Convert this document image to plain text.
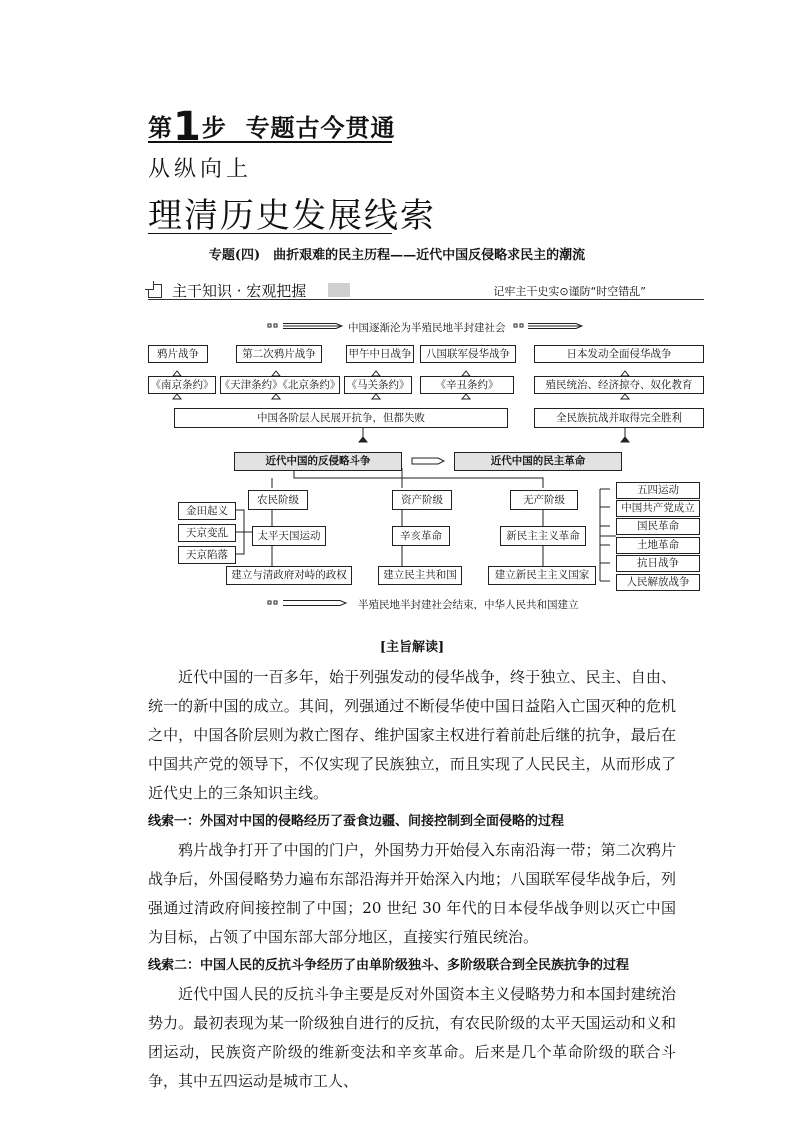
第1步 专题古今贯通
从纵向上
理清历史发展线索
专题(四)　曲折艰难的民主历程——近代中国反侵略求民主的潮流
主干知识 · 宏观把握	记牢主干史实⊙谨防“时空错乱”
中国逐渐沦为半殖民地半封建社会
鸦片战争	第二次鸦片战争	甲午中日战争	八国联军侵华战争	日本发动全面侵华战争
《南京条约》 《天津条约》《北京条约》 《马关条约》	《辛丑条约》	殖民统治、经济掠夺、奴化教育
中国各阶层人民展开抗争，但都失败	全民族抗战并取得完全胜利
近代中国的反侵略斗争	近代中国的民主革命
农民阶级	资产阶级	无产阶级
金田起义
天京变乱
天京陷落
太平天国运动	辛亥革命	新民主主义革命
建立与清政府对峙的政权	建立民主共和国	建立新民主主义国家
五四运动
中国共产党成立
国民革命
土地革命
抗日战争
人民解放战争
半殖民地半封建社会结束，中华人民共和国建立
[主旨解读]

近代中国的一百多年，始于列强发动的侵华战争，终于独立、民主、自由、统一的新中国的成立。其间，列强通过不断侵华使中国日益陷入亡国灭种的危机之中，中国各阶层则为救亡图存、维护国家主权进行着前赴后继的抗争，最后在中国共产党的领导下，不仅实现了民族独立，而且实现了人民民主，从而形成了近代史上的三条知识主线。

线索一：外国对中国的侵略经历了蚕食边疆、间接控制到全面侵略的过程

鸦片战争打开了中国的门户，外国势力开始侵入东南沿海一带；第二次鸦片战争后，外国侵略势力遍布东部沿海并开始深入内地；八国联军侵华战争后，列强通过清政府间接控制了中国；20 世纪 30 年代的日本侵华战争则以灭亡中国为目标，占领了中国东部大部分地区，直接实行殖民统治。

线索二：中国人民的反抗斗争经历了由单阶级独斗、多阶级联合到全民族抗争的过程

近代中国人民的反抗斗争主要是反对外国资本主义侵略势力和本国封建统治势力。最初表现为某一阶级独自进行的反抗，有农民阶级的太平天国运动和义和团运动，民族资产阶级的维新变法和辛亥革命。后来是几个革命阶级的联合斗争，其中五四运动是城市工人、
